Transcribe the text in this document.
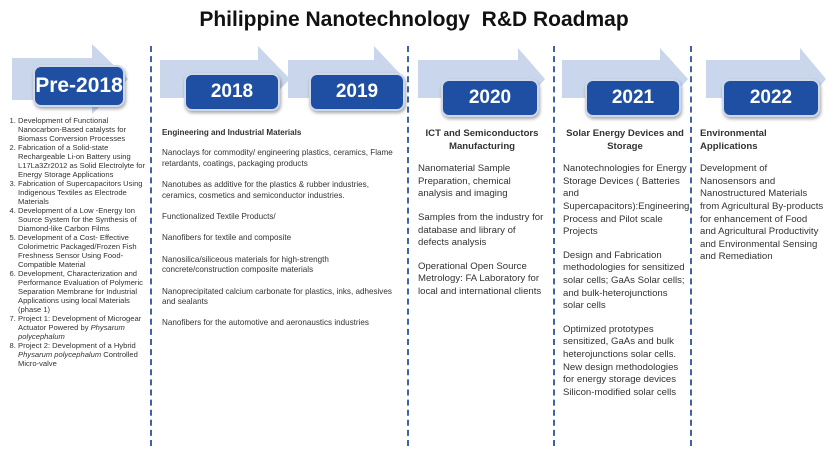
Philippine Nanotechnology  R&D Roadmap
Pre-2018	2018	2019	2020	2021	2022
1. Development of Functional Nanocarbon-Based catalysts for Biomass Conversion Processes
2. Fabrication of a Solid-state Rechargeable Li-on Battery using L17La3Zr2012 as Solid Electrolyte for Energy Storage Applications
3. Fabrication of Supercapacitors Using Indigenous Textiles as Electrode Materials
4. Development of a Low -Energy Ion Source System for the Synthesis of Diamond-like Carbon Films
5. Development of a Cost- Effective Colorimetric Packaged/Frozen Fish Freshness Sensor Using Food-Compatible Material
6. Development, Characterization and Performance Evaluation of Polymeric Separation Membrane for Industrial Applications using local Materials (phase 1)
7. Project 1: Development of Microgear Actuator Powered by Physarum polycephalum
8. Project 2: Development of a Hybrid Physarum polycephalum Controlled Micro-valve
Engineering and Industrial Materials
Nanoclays for commodity/ engineering plastics, ceramics, Flame retardants, coatings, packaging products
Nanotubes as additive for the plastics & rubber industries, ceramics, cosmetics and semiconductor industries.
Functionalized Textile Products/
Nanofibers for textile and composite
Nanosilica/siliceous materials for high-strength concrete/construction composite materials
Nanoprecipitated calcium carbonate for plastics, inks, adhesives and sealants
Nanofibers for the automotive and aeronaustics industries
ICT and Semiconductors Manufacturing
Nanomaterial Sample Preparation, chemical analysis and imaging
Samples from the industry for database and library of defects analysis
Operational Open Source Metrology: FA Laboratory for local and international clients
Solar Energy Devices and Storage
Nanotechnologies for Energy Storage Devices ( Batteries and Supercapacitors):Engineering Process and Pilot scale Projects
Design and Fabrication methodologies for sensitized solar cells; GaAs Solar cells; and bulk-heterojunctions solar cells
Optimized prototypes sensitized, GaAs and bulk heterojunctions solar cells. New design methodologies for energy storage devices Silicon-modified solar cells
Environmental Applications
Development of Nanosensors and Nanostructured Materials from Agricultural By-products for enhancement of Food and Agricultural Productivity and Environmental Sensing and Remediation
